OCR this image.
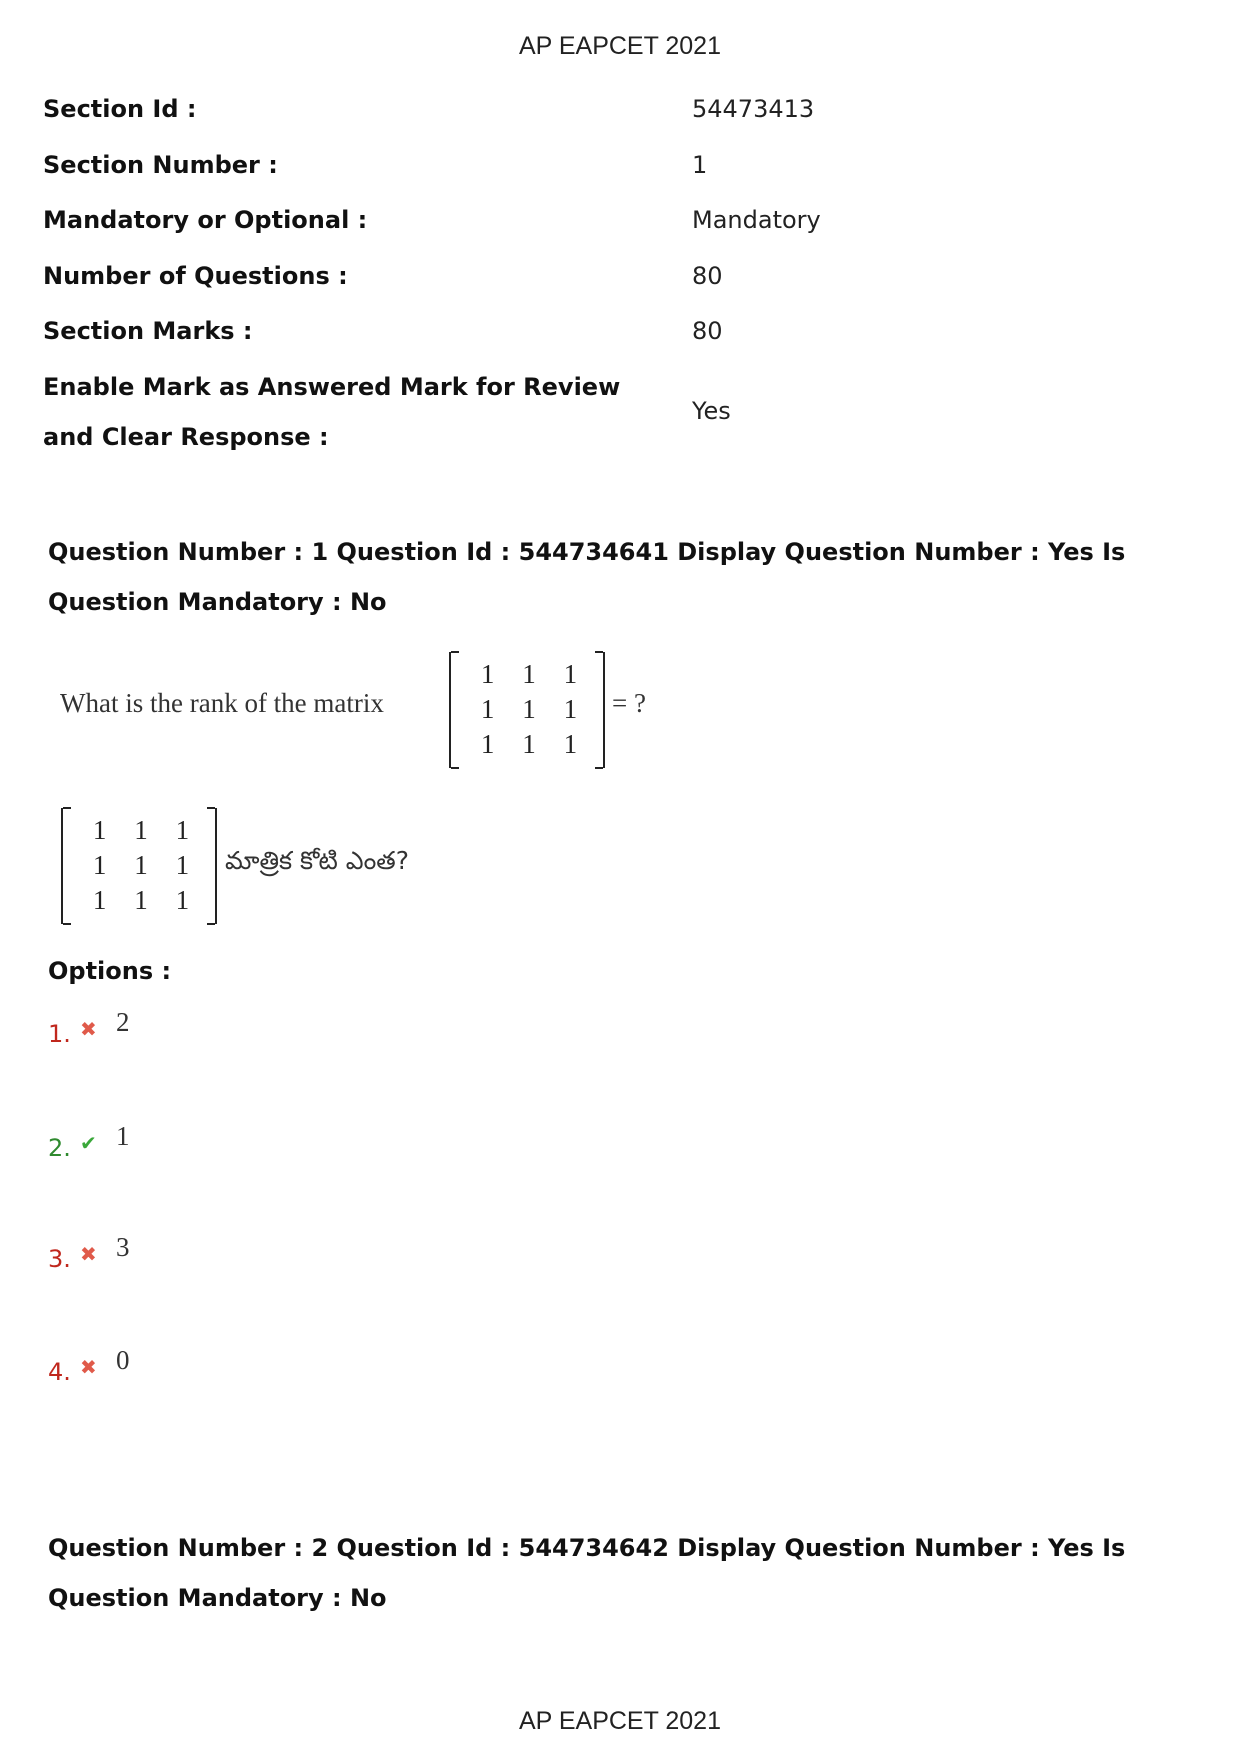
AP EAPCET 2021
Section Id :	54473413
Section Number :	1
Mandatory or Optional :	Mandatory
Number of Questions :	80
Section Marks :	80
Enable Mark as Answered Mark for Review and Clear Response :
Yes
Question Number : 1 Question Id : 544734641 Display Question Number : Yes Is Question Mandatory : No
What is the rank of the matrix
1	1	1
1	1	1
1	1	1
= ?
1	1	1
1	1	1
1	1	1
మాత్రిక కోటి ఎంత?
Options :
1. ✖ 2
2. ✔ 1
3. ✖ 3
4. ✖ 0
Question Number : 2 Question Id : 544734642 Display Question Number : Yes Is Question Mandatory : No
AP EAPCET 2021
